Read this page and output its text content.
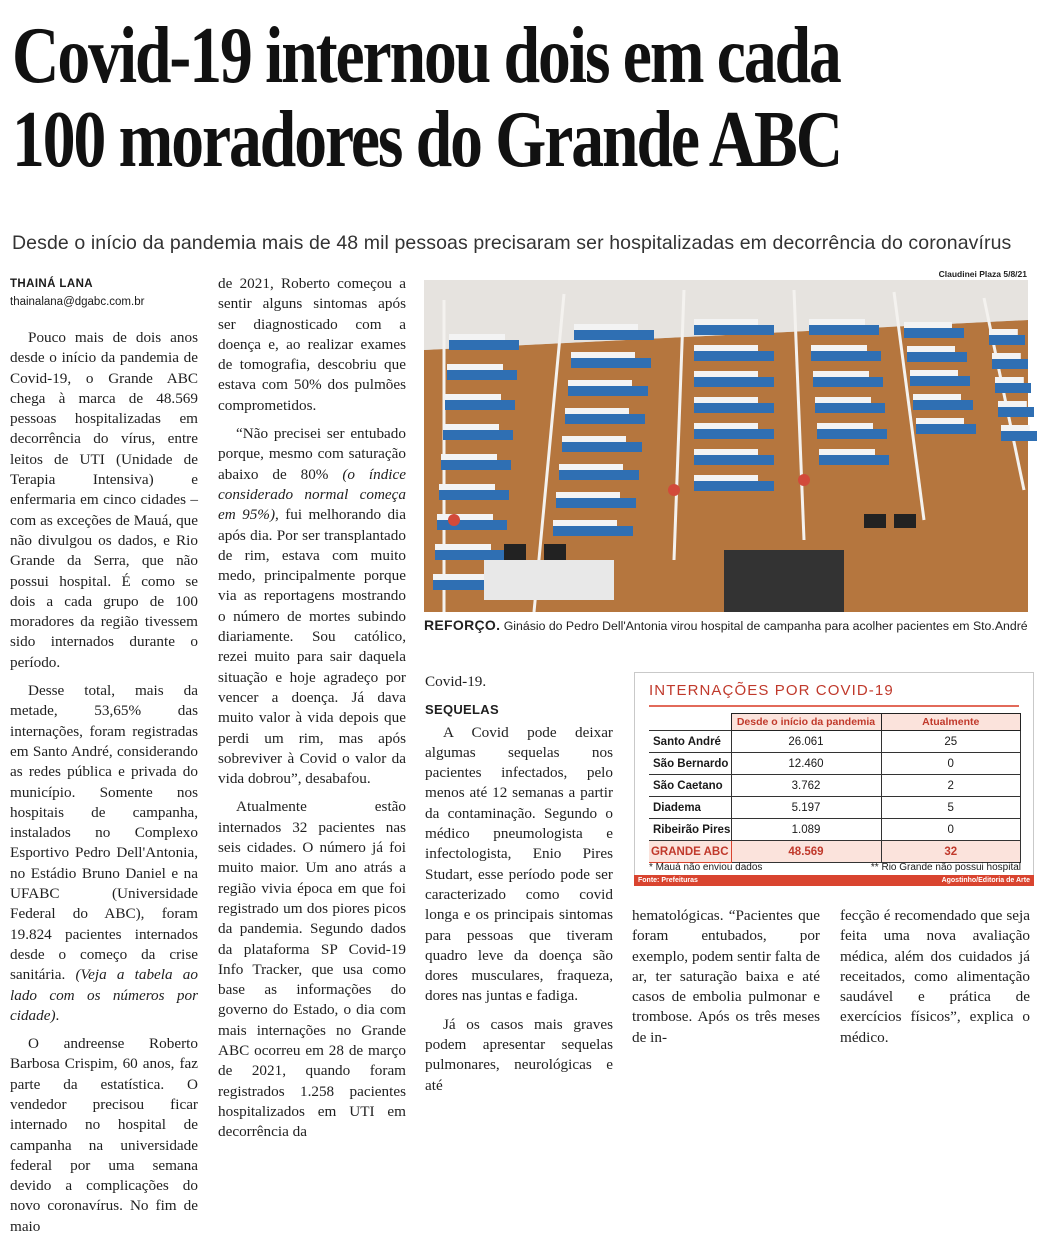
Covid-19 internou dois em cada
100 moradores do Grande ABC
Desde o início da pandemia mais de 48 mil pessoas precisaram ser hospitalizadas em decorrência do coronavírus
THAINÁ LANA
thainalana@dgabc.com.br

Pouco mais de dois anos desde o início da pandemia de Covid-19, o Grande ABC chega à marca de 48.569 pessoas hospitalizadas em decorrência do vírus, entre leitos de UTI (Unidade de Terapia Intensiva) e enfermaria em cinco cidades – com as exceções de Mauá, que não divulgou os dados, e Rio Grande da Serra, que não possui hospital. É como se dois a cada grupo de 100 moradores da região tivessem sido internados durante o período.

Desse total, mais da metade, 53,65% das internações, foram registradas em Santo André, considerando as redes pública e privada do município. Somente nos hospitais de campanha, instalados no Complexo Esportivo Pedro Dell'Antonia, no Estádio Bruno Daniel e na UFABC (Universidade Federal do ABC), foram 19.824 pacientes internados desde o começo da crise sanitária. (Veja a tabela ao lado com os números por cidade).

O andreense Roberto Barbosa Crispim, 60 anos, faz parte da estatística. O vendedor precisou ficar internado no hospital de campanha na universidade federal por uma semana devido a complicações do novo coronavírus. No fim de maio

de 2021, Roberto começou a sentir alguns sintomas após ser diagnosticado com a doença e, ao realizar exames de tomografia, descobriu que estava com 50% dos pulmões comprometidos.

“Não precisei ser entubado porque, mesmo com saturação abaixo de 80% (o índice considerado normal começa em 95%), fui melhorando dia após dia. Por ser transplantado de rim, estava com muito medo, principalmente porque via as reportagens mostrando o número de mortes subindo diariamente. Sou católico, rezei muito para sair daquela situação e hoje agradeço por vencer a doença. Já dava muito valor à vida depois que perdi um rim, mas após sobreviver à Covid o valor da vida dobrou”, desabafou.

Atualmente estão internados 32 pacientes nas seis cidades. O número já foi muito maior. Um ano atrás a região vivia época em que foi registrado um dos piores picos da pandemia. Segundo dados da plataforma SP Covid-19 Info Tracker, que usa como base as informações do governo do Estado, o dia com mais internações no Grande ABC ocorreu em 28 de março de 2021, quando foram registrados 1.258 pacientes hospitalizados em UTI em decorrência da

Claudinei Plaza 5/8/21
REFORÇO. Ginásio do Pedro Dell'Antonia virou hospital de campanha para acolher pacientes em Sto.André

Covid-19.

SEQUELAS

A Covid pode deixar algumas sequelas nos pacientes infectados, pelo menos até 12 semanas a partir da contaminação. Segundo o médico pneumologista e infectologista, Enio Pires Studart, esse período pode ser caracterizado como covid longa e os principais sintomas para pessoas que tiveram quadro leve da doença são dores musculares, fraqueza, dores nas juntas e fadiga.

Já os casos mais graves podem apresentar sequelas pulmonares, neurológicas e até

INTERNAÇÕES POR COVID-19
	Desde o início da pandemia	Atualmente
Santo André	26.061	25
São Bernardo	12.460	0
São Caetano	3.762	2
Diadema	5.197	5
Ribeirão Pires	1.089	0
GRANDE ABC	48.569	32
* Mauá não enviou dados	** Rio Grande não possui hospital
Fonte: Prefeituras	Agostinho/Editoria de Arte

hematológicas. “Pacientes que foram entubados, por exemplo, podem sentir falta de ar, ter saturação baixa e até casos de embolia pulmonar e trombose. Após os três meses de in-

fecção é recomendado que seja feita uma nova avaliação médica, além dos cuidados já receitados, como alimentação saudável e prática de exercícios físicos”, explica o médico.
